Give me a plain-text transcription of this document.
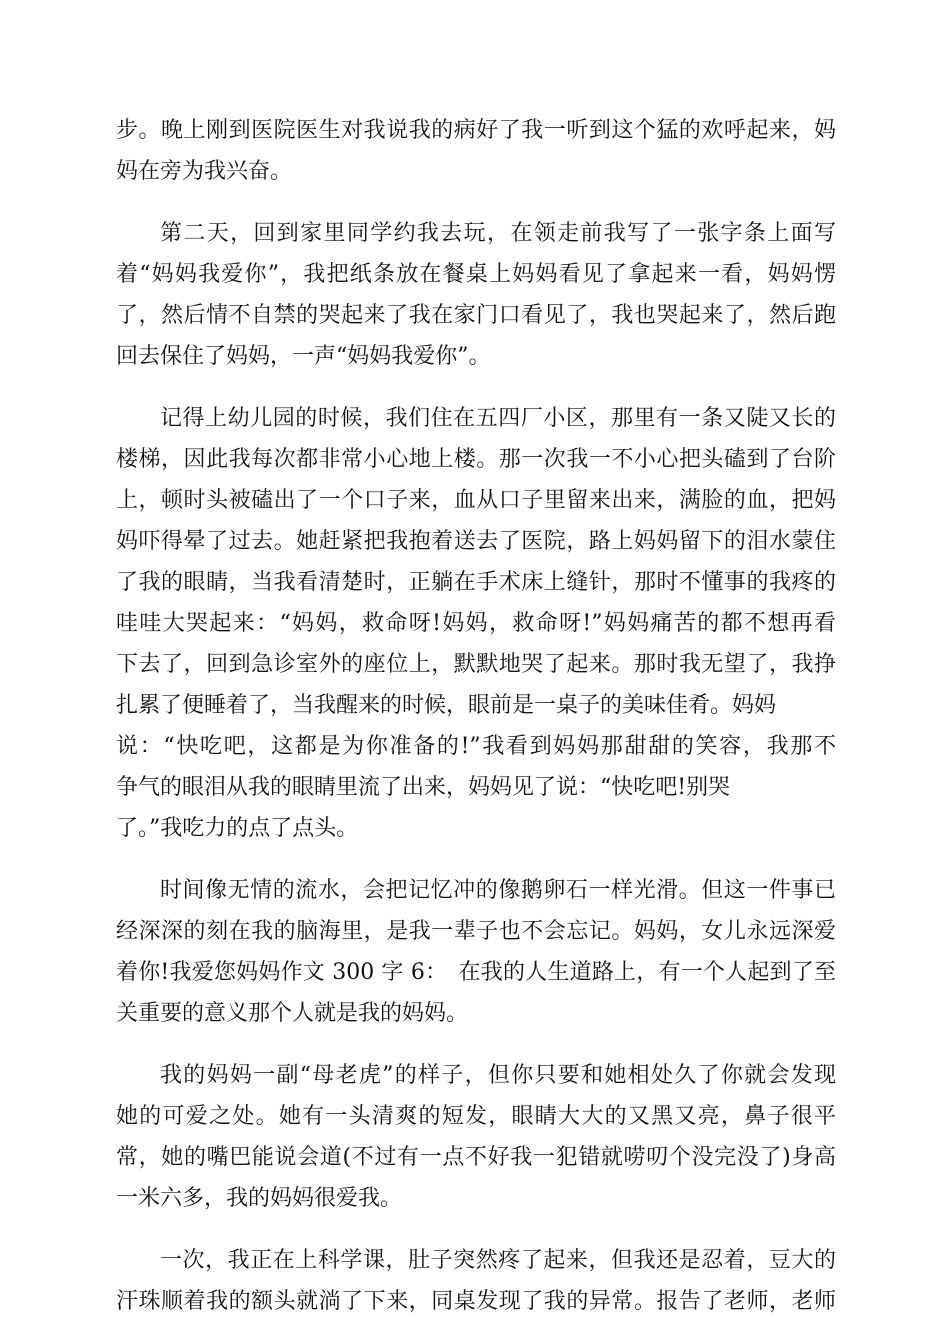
步。晚上刚到医院医生对我说我的病好了我一听到这个猛的欢呼起来，妈
妈在旁为我兴奋。
第二天，回到家里同学约我去玩，在领走前我写了一张字条上面写
着“妈妈我爱你”，我把纸条放在餐桌上妈妈看见了拿起来一看，妈妈愣
了，然后情不自禁的哭起来了我在家门口看见了，我也哭起来了，然后跑
回去保住了妈妈，一声“妈妈我爱你”。
记得上幼儿园的时候，我们住在五四厂小区，那里有一条又陡又长的
楼梯，因此我每次都非常小心地上楼。那一次我一不小心把头磕到了台阶
上，顿时头被磕出了一个口子来，血从口子里留来出来，满脸的血，把妈
妈吓得晕了过去。她赶紧把我抱着送去了医院，路上妈妈留下的泪水蒙住
了我的眼睛，当我看清楚时，正躺在手术床上缝针，那时不懂事的我疼的
哇哇大哭起来：“妈妈，救命呀!妈妈，救命呀!”妈妈痛苦的都不想再看
下去了，回到急诊室外的座位上，默默地哭了起来。那时我无望了，我挣
扎累了便睡着了，当我醒来的时候，眼前是一桌子的美味佳肴。妈妈
说：“快吃吧，这都是为你准备的!”我看到妈妈那甜甜的笑容，我那不
争气的眼泪从我的眼睛里流了出来，妈妈见了说：“快吃吧!别哭
了。”我吃力的点了点头。
时间像无情的流水，会把记忆冲的像鹅卵石一样光滑。但这一件事已
经深深的刻在我的脑海里，是我一辈子也不会忘记。妈妈，女儿永远深爱
着你!我爱您妈妈作文 300 字 6：　在我的人生道路上，有一个人起到了至
关重要的意义那个人就是我的妈妈。
我的妈妈一副“母老虎”的样子，但你只要和她相处久了你就会发现
她的可爱之处。她有一头清爽的短发，眼睛大大的又黑又亮，鼻子很平
常，她的嘴巴能说会道(不过有一点不好我一犯错就唠叨个没完没了)身高
一米六多，我的妈妈很爱我。
一次，我正在上科学课，肚子突然疼了起来，但我还是忍着，豆大的
汗珠顺着我的额头就淌了下来，同桌发现了我的异常。报告了老师，老师
